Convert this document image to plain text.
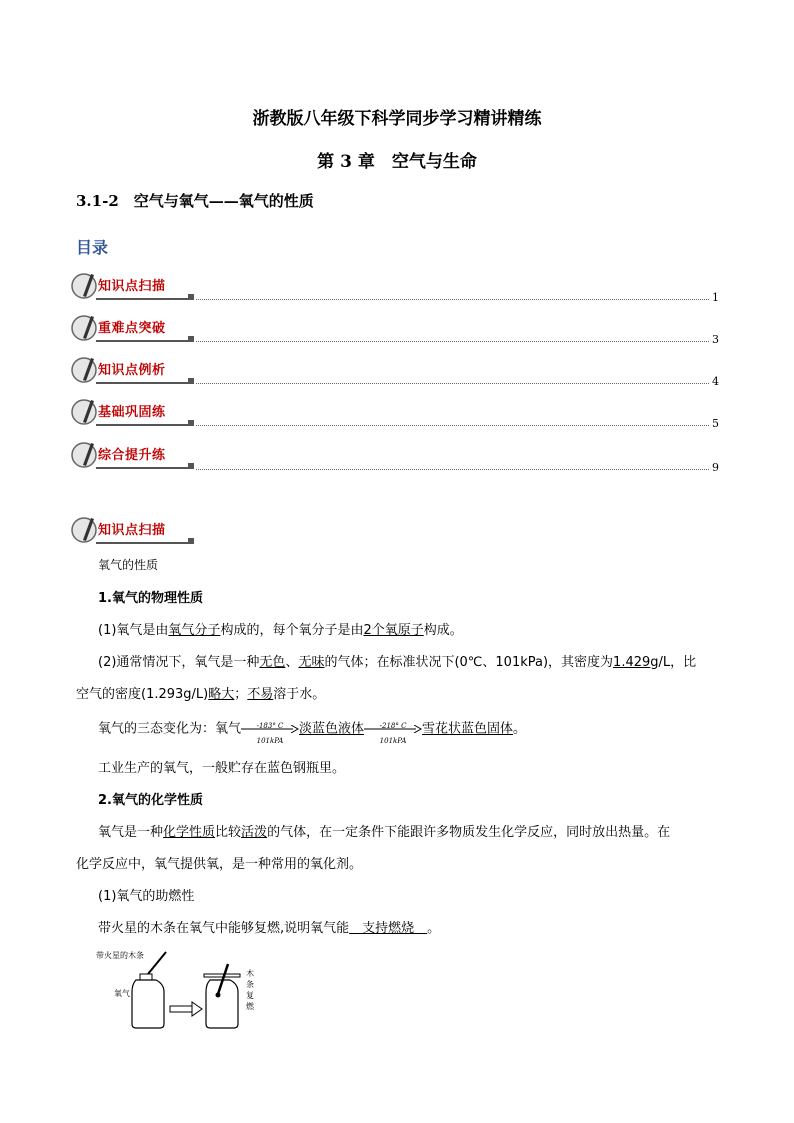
浙教版八年级下科学同步学习精讲精练
第 3 章　空气与生命
3.1-2　空气与氧气——氧气的性质
目录
知识点扫描
1
重难点突破
3
知识点例析
4
基础巩固练
5
综合提升练
9
知识点扫描
氧气的性质
1.氧气的物理性质
(1)氧气是由氧气分子构成的，每个氧分子是由2个氧原子构成。
(2)通常情况下，氧气是一种无色、无味的气体；在标准状况下(0℃、101kPa)，其密度为1.429g/L，比
空气的密度(1.293g/L)略大；不易溶于水。
氧气的三态变化为：氧气	-183° C
101kPA
淡蓝色液体	-218° C
101kPA
雪花状蓝色固体。
工业生产的氧气，一般贮存在蓝色钢瓶里。
2.氧气的化学性质
氧气是一种化学性质比较活泼的气体，在一定条件下能跟许多物质发生化学反应，同时放出热量。在
化学反应中，氧气提供氧，是一种常用的氧化剂。
(1)氧气的助燃性
带火星的木条在氧气中能够复燃,说明氧气能　支持燃烧　。
带火星的木条
氧气
木
条
复
燃
